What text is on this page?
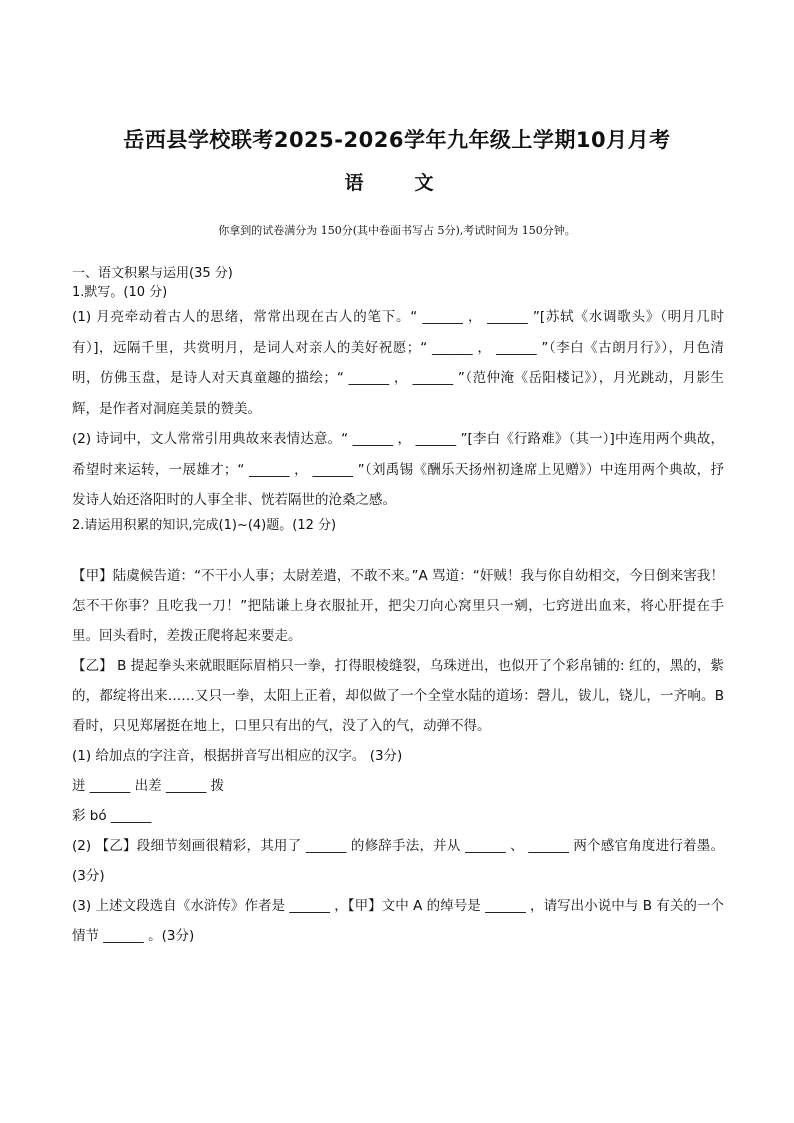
岳西县学校联考2025-2026学年九年级上学期10月月考
语　文
你拿到的试卷满分为 150分(其中卷面书写占 5分),考试时间为 150分钟。

一、语文积累与运用(35 分)

1.默写。(10 分)

(1) 月亮牵动着古人的思绪，常常出现在古人的笔下。“ ______ ， ______ ”[苏轼《水调歌头》（明月几时有）]，远隔千里，共赏明月，是词人对亲人的美好祝愿；“ ______ ， ______ ”（李白《古朗月行》），月色清明，仿佛玉盘，是诗人对天真童趣的描绘；“ ______ ， ______ ”（范仲淹《岳阳楼记》），月光跳动，月影生辉，是作者对洞庭美景的赞美。

(2) 诗词中，文人常常引用典故来表情达意。“ ______ ， ______ ”[李白《行路难》（其一）]中连用两个典故，希望时来运转，一展雄才；“ ______ ， ______ ”（刘禹锡《酬乐天扬州初逢席上见赠》）中连用两个典故，抒发诗人始还洛阳时的人事全非、恍若隔世的沧桑之感。

2.请运用积累的知识,完成(1)~(4)题。(12 分)

【甲】陆虞候告道：“不干小人事；太尉差遣，不敢不来。”A 骂道：“奸贼！我与你自幼相交，今日倒来害我！怎不干你事？且吃我一刀！”把陆谦上身衣服扯开，把尖刀向心窝里只一剜，七窍迸出血来，将心肝提在手里。回头看时，差拨正爬将起来要走。

【乙】 B 提起拳头来就眼眶际眉梢只一拳，打得眼棱缝裂，乌珠迸出，也似开了个彩帛铺的: 红的，黑的，紫的，都绽将出来……又只一拳，太阳上正着，却似做了一个全堂水陆的道场：磬儿，钹儿，铙儿，一齐响。B 看时，只见郑屠挺在地上，口里只有出的气，没了入的气，动弹不得。

(1) 给加点的字注音，根据拼音写出相应的汉字。 (3分)

迸 ______ 出差 ______ 拨

彩 bó ______

(2) 【乙】段细节刻画很精彩，其用了 ______ 的修辞手法，并从 ______ 、 ______ 两个感官角度进行着墨。(3分)

(3) 上述文段选自《水浒传》作者是 ______ ，【甲】文中 A 的绰号是 ______ ，请写出小说中与 B 有关的一个情节 ______ 。(3分)
